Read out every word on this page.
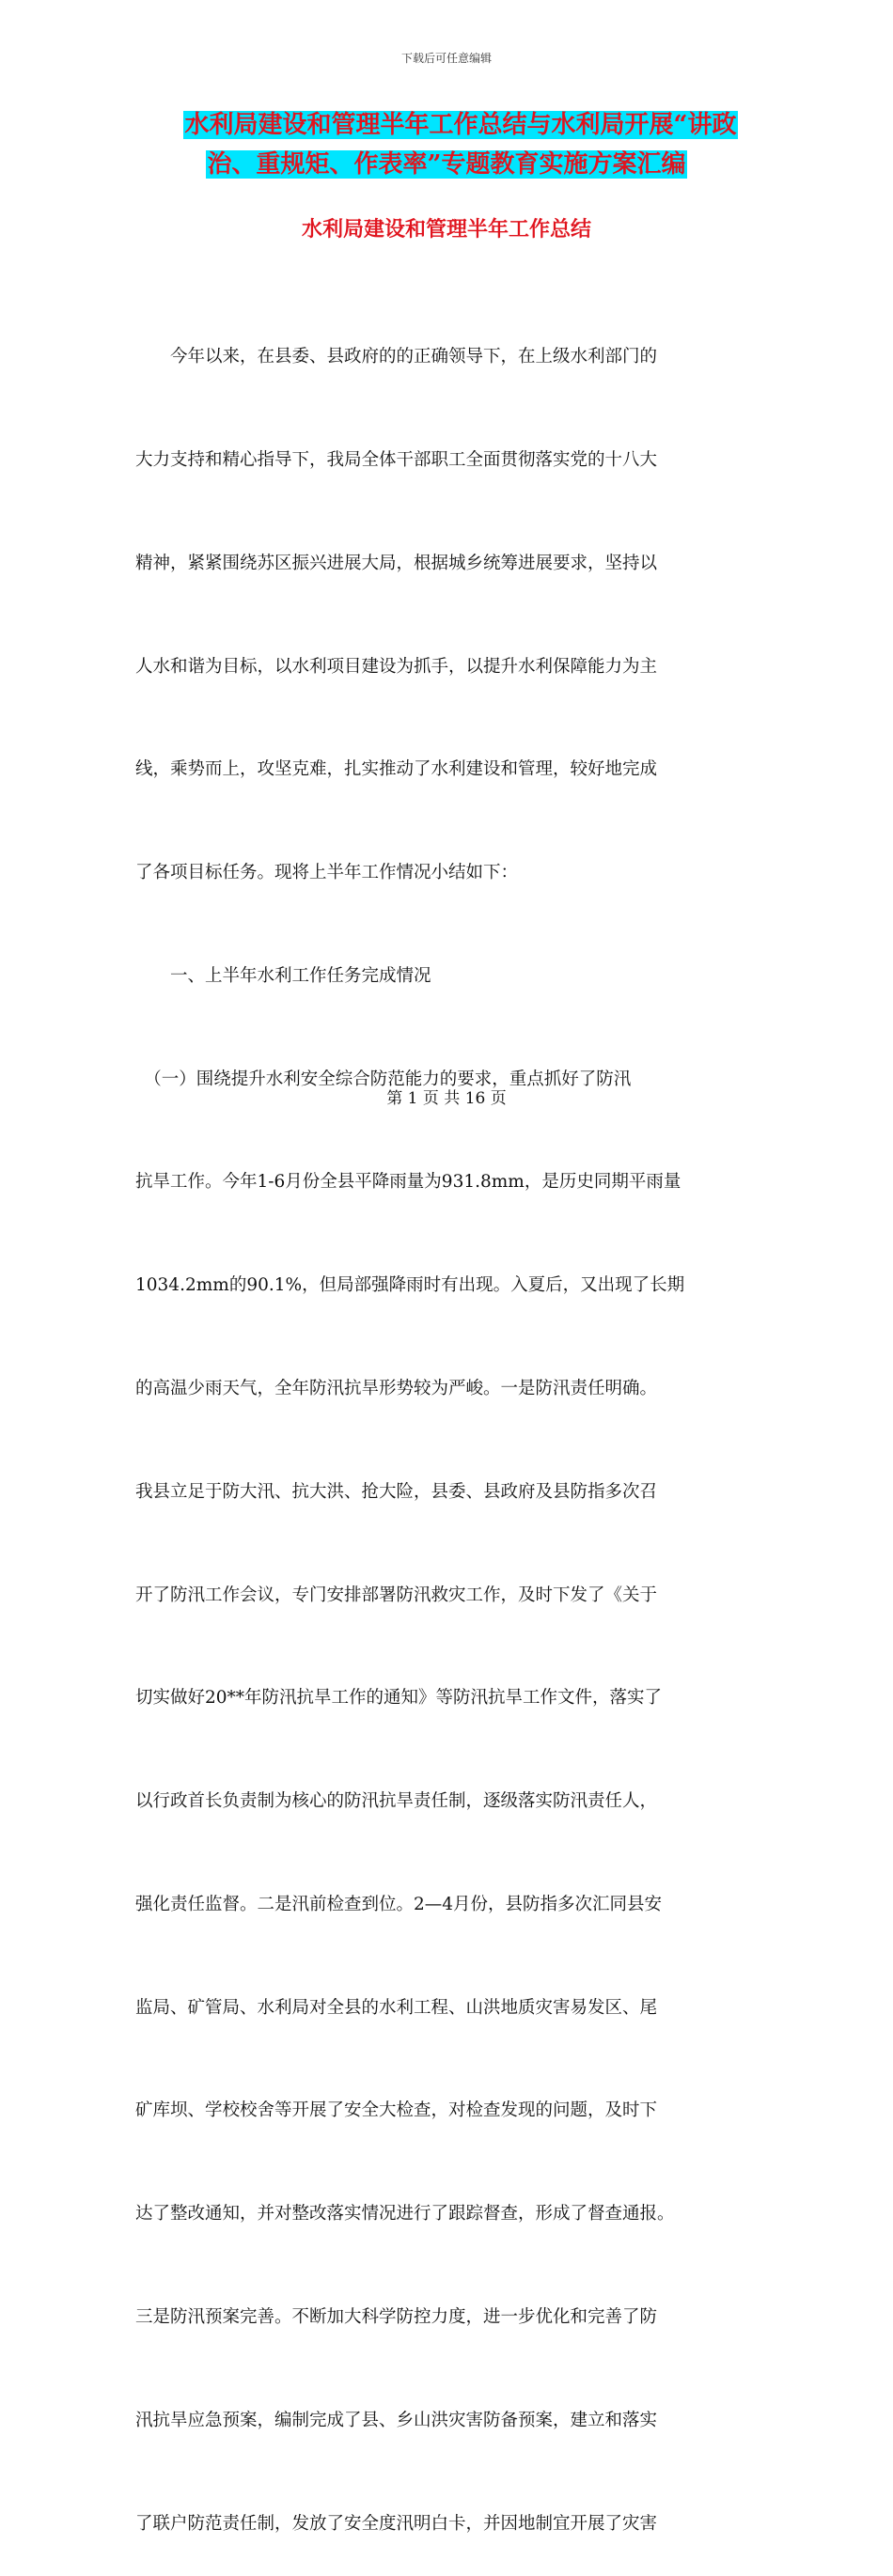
下载后可任意编辑
水利局建设和管理半年工作总结与水利局开展“讲政
治、重规矩、作表率”专题教育实施方案汇编
水利局建设和管理半年工作总结

　　今年以来，在县委、县政府的的正确领导下，在上级水利部门的

大力支持和精心指导下，我局全体干部职工全面贯彻落实党的十八大

精神，紧紧围绕苏区振兴进展大局，根据城乡统筹进展要求，坚持以

人水和谐为目标，以水利项目建设为抓手，以提升水利保障能力为主

线，乘势而上，攻坚克难，扎实推动了水利建设和管理，较好地完成

了各项目标任务。现将上半年工作情况小结如下：

　　一、上半年水利工作任务完成情况

　（一）围绕提升水利安全综合防范能力的要求，重点抓好了防汛

抗旱工作。今年1-6月份全县平降雨量为931.8mm，是历史同期平雨量

1034.2mm的90.1%，但局部强降雨时有出现。入夏后，又出现了长期

的高温少雨天气，全年防汛抗旱形势较为严峻。一是防汛责任明确。

我县立足于防大汛、抗大洪、抢大险，县委、县政府及县防指多次召

开了防汛工作会议，专门安排部署防汛救灾工作，及时下发了《关于

切实做好20**年防汛抗旱工作的通知》等防汛抗旱工作文件，落实了

以行政首长负责制为核心的防汛抗旱责任制，逐级落实防汛责任人，

强化责任监督。二是汛前检查到位。2—4月份，县防指多次汇同县安

监局、矿管局、水利局对全县的水利工程、山洪地质灾害易发区、尾

矿库坝、学校校舍等开展了安全大检查，对检查发现的问题，及时下

达了整改通知，并对整改落实情况进行了跟踪督查，形成了督查通报。

三是防汛预案完善。不断加大科学防控力度，进一步优化和完善了防

汛抗旱应急预案，编制完成了县、乡山洪灾害防备预案，建立和落实

了联户防范责任制，发放了安全度汛明白卡，并因地制宜开展了灾害

第 1 页 共 16 页
